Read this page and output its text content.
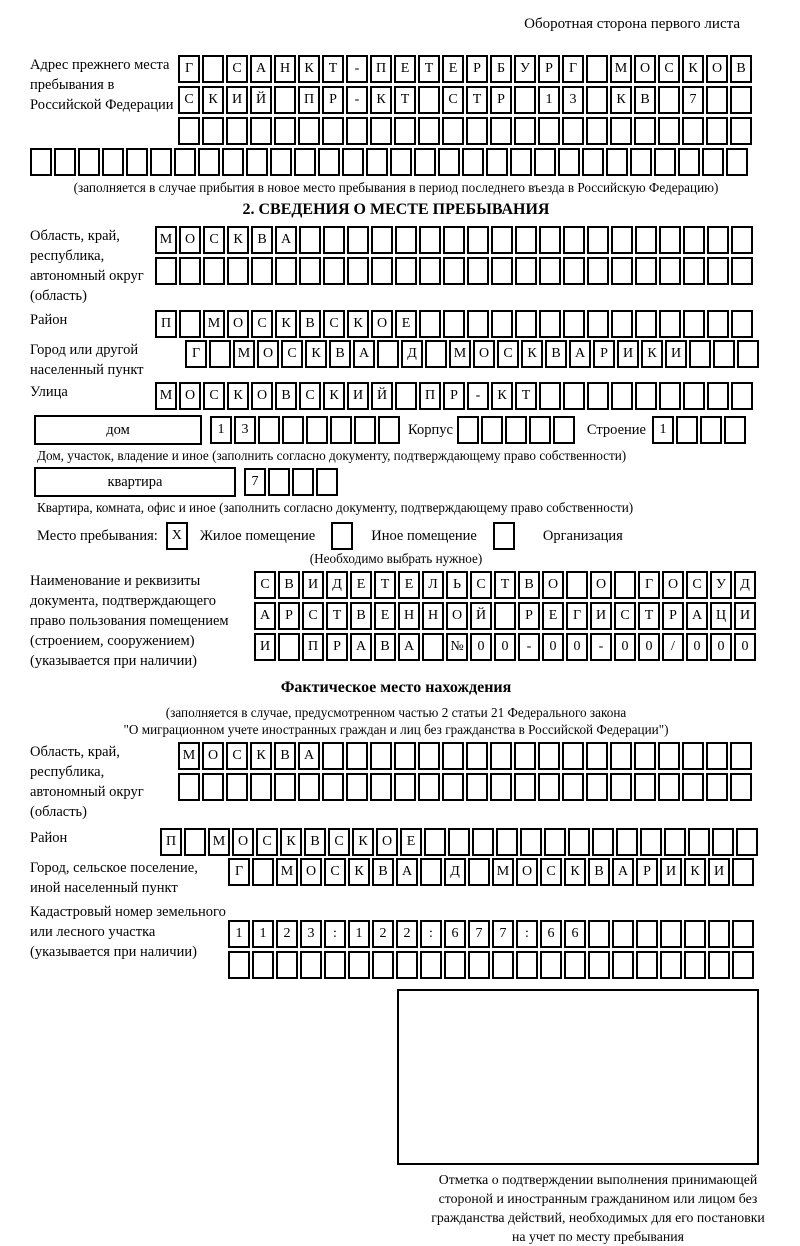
Оборотная сторона первого листа
Адрес прежнего места пребывания в Российской Федерации
Г	С	А Н	К	Т	-	П	Е	Т	Е	Р	Б	У	Р	Г	М О	С	К	О	В
С	К	И Й	П	Р	-	К	Т	С	Т	Р	1	3	К	В	7
(заполняется в случае прибытия в новое место пребывания в период последнего въезда в Российскую Федерацию)
2. СВЕДЕНИЯ О МЕСТЕ ПРЕБЫВАНИЯ
Область, край, республика, автономный округ (область)
М О	С	К	В	А
Район	П	М О	С	К	В	С	К	О	Е
Город или другой населенный пункт
Г	М О	С	К	В	А	Д	М О	С	К	В	А	Р	И	К	И
Улица	М О	С	К	О	В	С	К	И Й	П	Р	-	К	Т
дом	1	3	Корпус	Строение 1
Дом, участок, владение и иное (заполнить согласно документу, подтверждающему право собственности)
квартира	7
Квартира, комната, офис и иное (заполнить согласно документу, подтверждающему право собственности)
Место пребывания: X	Жилое помещение	Иное помещение	Организация
(Необходимо выбрать нужное)
Наименование и реквизиты документа, подтверждающего право пользования помещением (строением, сооружением) (указывается при наличии)
С	В	И	Д	Е	Т	Е	Л	Ь	С	Т	В	О	О	Г	О	С	У	Д
А	Р	С	Т	В	Е	Н Н О Й	Р	Е	Г	И	С	Т	Р	А Ц И
И	П	Р	А	В	А	№ 0	0	-	0	0	-	0	0	/	0	0	0
Фактическое место нахождения
(заполняется в случае, предусмотренном частью 2 статьи 21 Федерального закона
"О миграционном учете иностранных граждан и лиц без гражданства в Российской Федерации")
Область, край, республика, автономный округ (область)
М О	С	К	В	А
Район	П	М О	С	К	В	С	К	О	Е
Город, сельское поселение, иной населенный пункт
Г	М О	С	К	В	А	Д	М О	С	К	В	А	Р	И	К	И
Кадастровый номер земельного или лесного участка (указывается при наличии)
1	1	2	3	:	1	2	2	:	6	7	7	:	6	6
Отметка о подтверждении выполнения принимающей
стороной и иностранным гражданином или лицом без
гражданства действий, необходимых для его постановки
на учет по месту пребывания
